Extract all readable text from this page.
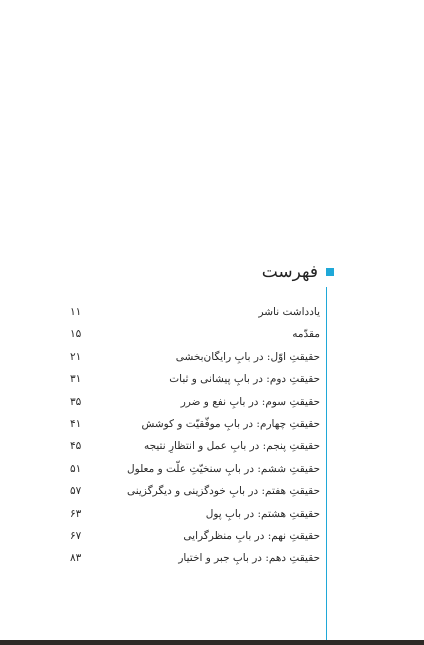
فهرست
یادداشت ناشر
۱۱
مقدّمه
۱۵
حقیقتِ اوّل: در بابِ رایگان‌بخشی
۲۱
حقیقتِ دوم: در بابِ پیشانی و ثبات
۳۱
حقیقتِ سوم: در بابِ نفع و ضرر
۳۵
حقیقتِ چهارم: در بابِ موفّقیّت و کوشش
۴۱
حقیقتِ پنجم: در بابِ عمل و انتظارِ نتیجه
۴۵
حقیقتِ ششم: در بابِ سنخیّتِ علّت و معلول
۵۱
حقیقتِ هفتم: در بابِ خودگزینی و دیگرگزینی
۵۷
حقیقتِ هشتم: در بابِ پول
۶۳
حقیقتِ نهم: در بابِ منظرگرایی
۶۷
حقیقتِ دهم: در بابِ جبر و اختیار
۸۳
